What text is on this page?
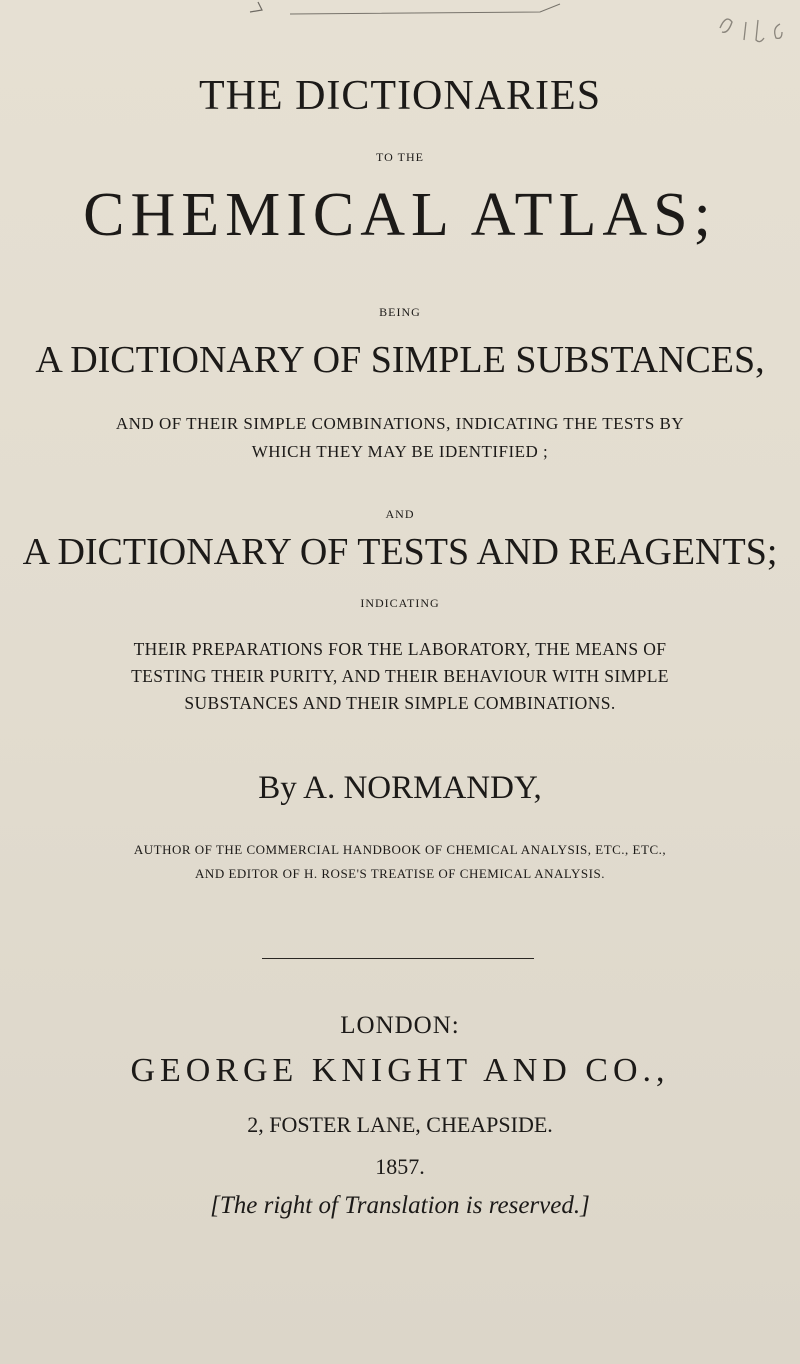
THE DICTIONARIES
TO THE
CHEMICAL ATLAS;
BEING
A DICTIONARY OF SIMPLE SUBSTANCES,
AND OF THEIR SIMPLE COMBINATIONS, INDICATING THE TESTS BY
WHICH THEY MAY BE IDENTIFIED ;
AND
A DICTIONARY OF TESTS AND REAGENTS;
INDICATING
THEIR PREPARATIONS FOR THE LABORATORY, THE MEANS OF
TESTING THEIR PURITY, AND THEIR BEHAVIOUR WITH SIMPLE
SUBSTANCES AND THEIR SIMPLE COMBINATIONS.
By A. NORMANDY,
AUTHOR OF THE COMMERCIAL HANDBOOK OF CHEMICAL ANALYSIS, ETC., ETC.,
AND EDITOR OF H. ROSE'S TREATISE OF CHEMICAL ANALYSIS.
LONDON:
GEORGE KNIGHT AND CO.,
2, FOSTER LANE, CHEAPSIDE.
1857.
[The right of Translation is reserved.]
